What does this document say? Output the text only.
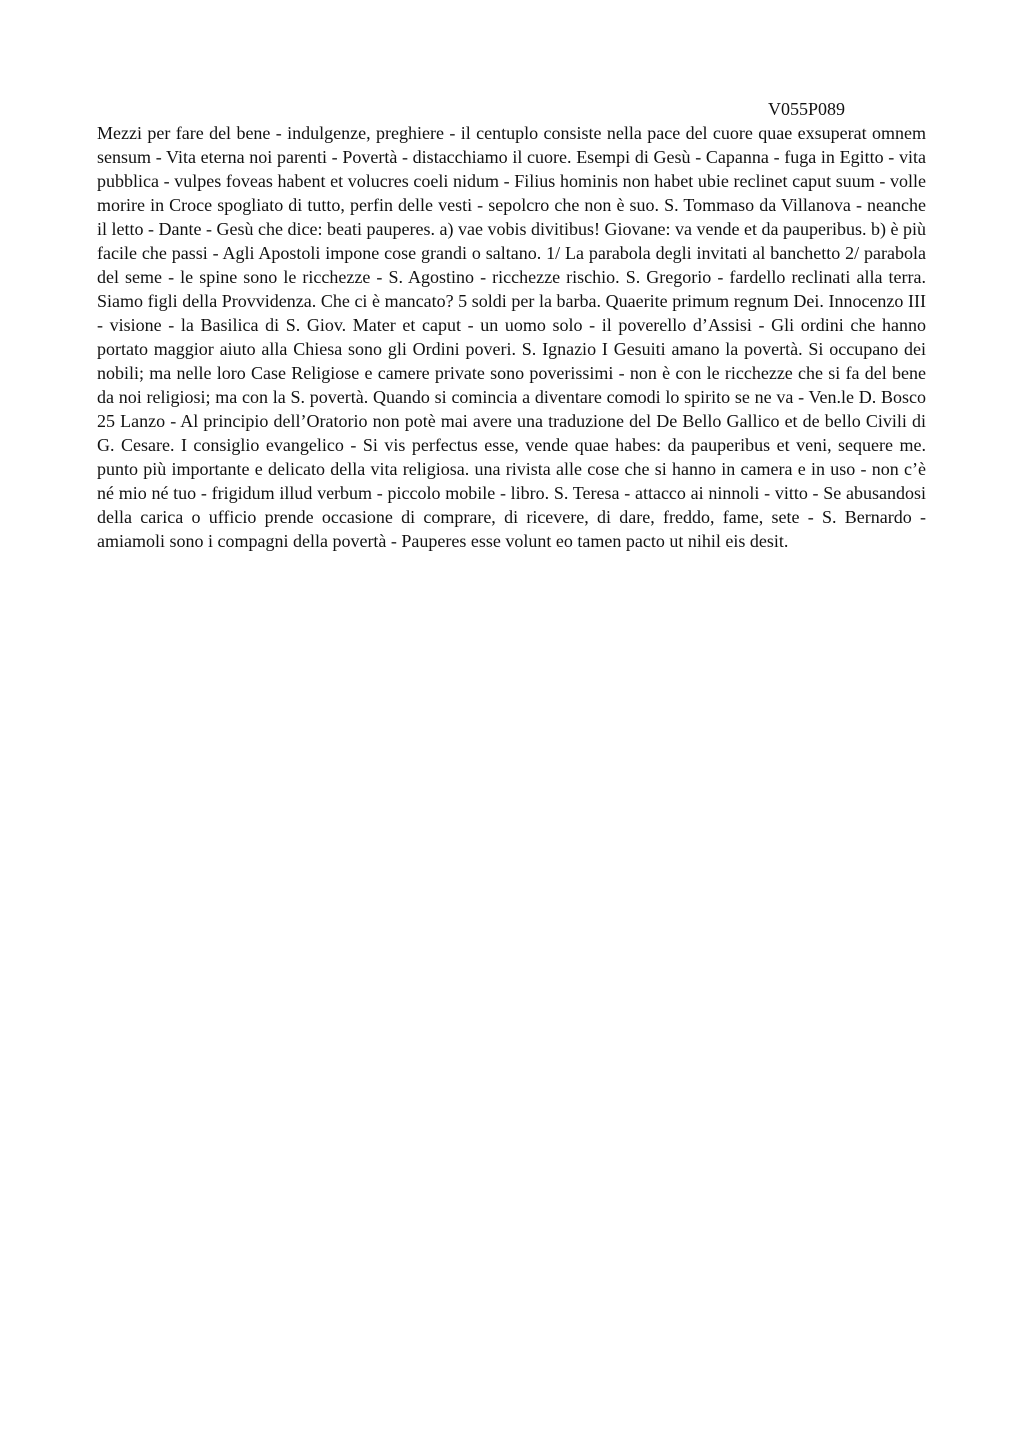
V055P089

Mezzi per fare del bene - indulgenze, preghiere - il centuplo consiste nella pace del cuore quae exsuperat omnem sensum - Vita eterna noi parenti - Povertà - distacchiamo il cuore. Esempi di Gesù - Capanna - fuga in Egitto - vita pubblica - vulpes foveas habent et volucres coeli nidum - Filius hominis non habet ubie reclinet caput suum - volle morire in Croce spogliato di tutto, perfin delle vesti - sepolcro che non è suo. S. Tommaso da Villanova - neanche il letto - Dante - Gesù che dice: beati pauperes. a) vae vobis divitibus! Giovane: va vende et da pauperibus. b) è più facile che passi - Agli Apostoli impone cose grandi o saltano. 1/ La parabola degli invitati al banchetto 2/ parabola del seme - le spine sono le ricchezze - S. Agostino - ricchezze rischio. S. Gregorio - fardello reclinati alla terra. Siamo figli della Provvidenza. Che ci è mancato? 5 soldi per la barba. Quaerite primum regnum Dei. Innocenzo III - visione - la Basilica di S. Giov. Mater et caput - un uomo solo - il poverello d’Assisi - Gli ordini che hanno portato maggior aiuto alla Chiesa sono gli Ordini poveri. S. Ignazio I Gesuiti amano la povertà. Si occupano dei nobili; ma nelle loro Case Religiose e camere private sono poverissimi - non è con le ricchezze che si fa del bene da noi religiosi; ma con la S. povertà. Quando si comincia a diventare comodi lo spirito se ne va - Ven.le D. Bosco 25 Lanzo - Al principio dell’Oratorio non potè mai avere una traduzione del De Bello Gallico et de bello Civili di G. Cesare. I consiglio evangelico - Si vis perfectus esse, vende quae habes: da pauperibus et veni, sequere me. punto più importante e delicato della vita religiosa. una rivista alle cose che si hanno in camera e in uso - non c’è né mio né tuo - frigidum illud verbum - piccolo mobile - libro. S. Teresa - attacco ai ninnoli - vitto - Se abusandosi della carica o ufficio prende occasione di comprare, di ricevere, di dare, freddo, fame, sete - S. Bernardo - amiamoli sono i compagni della povertà - Pauperes esse volunt eo tamen pacto ut nihil eis desit.
